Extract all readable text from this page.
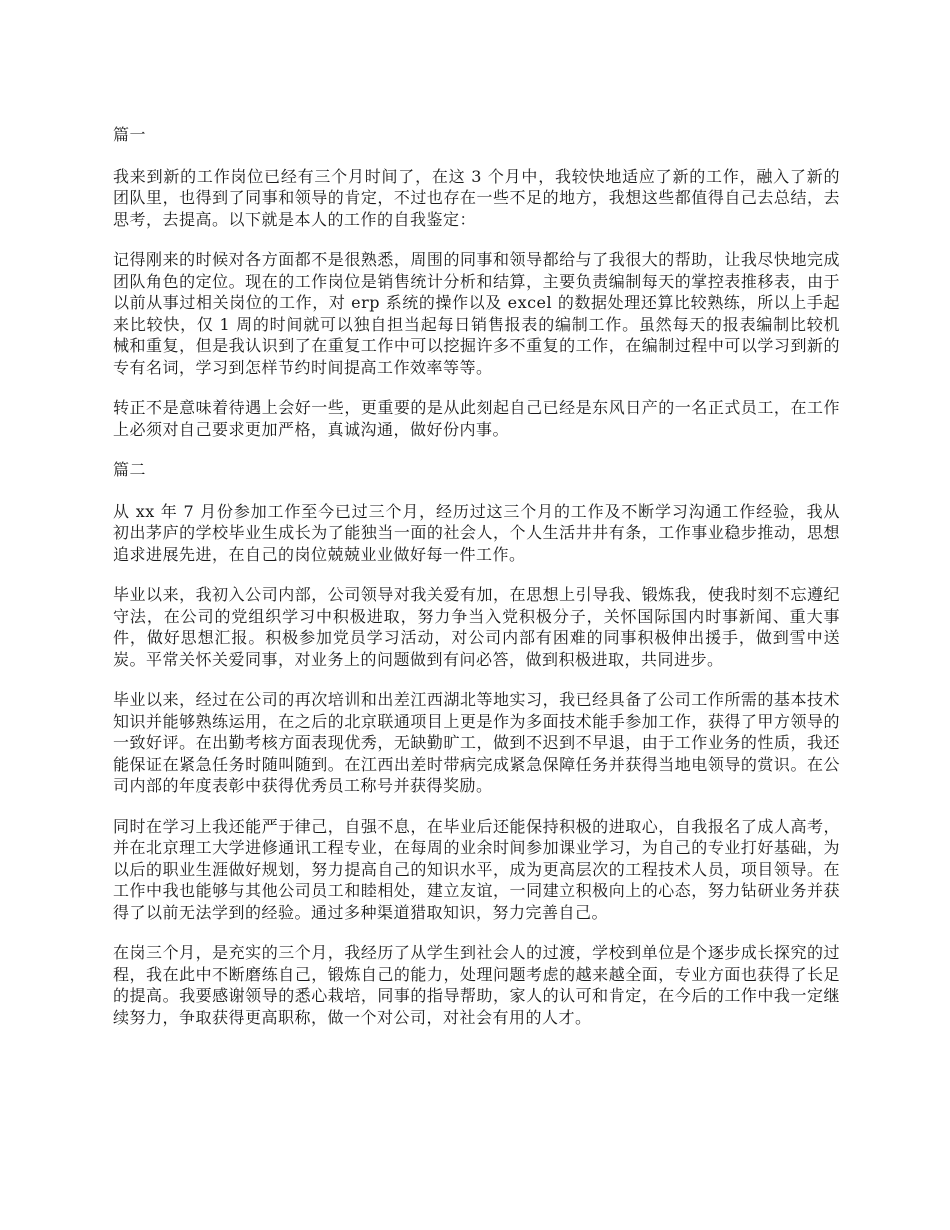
篇一

我来到新的工作岗位已经有三个月时间了，在这 3 个月中，我较快地适应了新的工作，融入了新的团队里，也得到了同事和领导的肯定，不过也存在一些不足的地方，我想这些都值得自己去总结，去思考，去提高。以下就是本人的工作的自我鉴定：

记得刚来的时候对各方面都不是很熟悉，周围的同事和领导都给与了我很大的帮助，让我尽快地完成团队角色的定位。现在的工作岗位是销售统计分析和结算，主要负责编制每天的掌控表推移表，由于以前从事过相关岗位的工作，对 erp 系统的操作以及 excel 的数据处理还算比较熟练，所以上手起来比较快，仅 1 周的时间就可以独自担当起每日销售报表的编制工作。虽然每天的报表编制比较机械和重复，但是我认识到了在重复工作中可以挖掘许多不重复的工作，在编制过程中可以学习到新的专有名词，学习到怎样节约时间提高工作效率等等。

转正不是意味着待遇上会好一些，更重要的是从此刻起自己已经是东风日产的一名正式员工，在工作上必须对自己要求更加严格，真诚沟通，做好份内事。

篇二

从 xx 年 7 月份参加工作至今已过三个月，经历过这三个月的工作及不断学习沟通工作经验，我从初出茅庐的学校毕业生成长为了能独当一面的社会人，个人生活井井有条，工作事业稳步推动，思想追求进展先进，在自己的岗位兢兢业业做好每一件工作。

毕业以来，我初入公司内部，公司领导对我关爱有加，在思想上引导我、锻炼我，使我时刻不忘遵纪守法，在公司的党组织学习中积极进取，努力争当入党积极分子，关怀国际国内时事新闻、重大事件，做好思想汇报。积极参加党员学习活动，对公司内部有困难的同事积极伸出援手，做到雪中送炭。平常关怀关爱同事，对业务上的问题做到有问必答，做到积极进取，共同进步。

毕业以来，经过在公司的再次培训和出差江西湖北等地实习，我已经具备了公司工作所需的基本技术知识并能够熟练运用，在之后的北京联通项目上更是作为多面技术能手参加工作，获得了甲方领导的一致好评。在出勤考核方面表现优秀，无缺勤旷工，做到不迟到不早退，由于工作业务的性质，我还能保证在紧急任务时随叫随到。在江西出差时带病完成紧急保障任务并获得当地电领导的赏识。在公司内部的年度表彰中获得优秀员工称号并获得奖励。

同时在学习上我还能严于律己，自强不息，在毕业后还能保持积极的进取心，自我报名了成人高考，并在北京理工大学进修通讯工程专业，在每周的业余时间参加课业学习，为自己的专业打好基础，为以后的职业生涯做好规划，努力提高自己的知识水平，成为更高层次的工程技术人员，项目领导。在工作中我也能够与其他公司员工和睦相处，建立友谊，一同建立积极向上的心态，努力钻研业务并获得了以前无法学到的经验。通过多种渠道猎取知识，努力完善自己。

在岗三个月，是充实的三个月，我经历了从学生到社会人的过渡，学校到单位是个逐步成长探究的过程，我在此中不断磨练自己，锻炼自己的能力，处理问题考虑的越来越全面，专业方面也获得了长足的提高。我要感谢领导的悉心栽培，同事的指导帮助，家人的认可和肯定，在今后的工作中我一定继续努力，争取获得更高职称，做一个对公司，对社会有用的人才。
